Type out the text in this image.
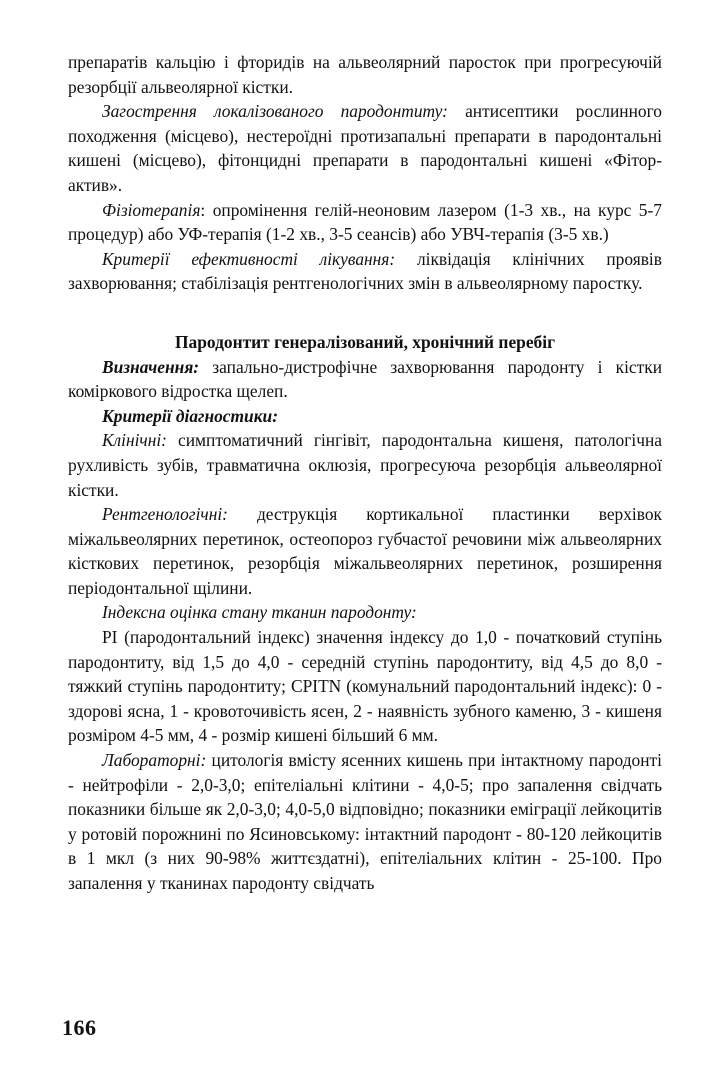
препаратів кальцію і фторидів на альвеолярний паросток при прогресуючій резорбції альвеолярної кістки.

Загострення локалізованого пародонтиту: антисептики рослинного походження (місцево), нестероїдні протизапальні препарати в пародонтальні кишені (місцево), фітонцидні препарати в пародонтальні кишені «Фітор-актив».

Фізіотерапія: опромінення гелій-неоновим лазером (1-3 хв., на курс 5-7 процедур) або УФ-терапія (1-2 хв., 3-5 сеансів) або УВЧ-терапія (3-5 хв.)

Критерії ефективності лікування: ліквідація клінічних проявів захворювання; стабілізація рентгенологічних змін в альвеолярному паростку.

Пародонтит генералізований, хронічний перебіг

Визначення: запально-дистрофічне захворювання пародонту і кістки коміркового відростка щелеп.

Критерії діагностики:

Клінічні: симптоматичний гінгівіт, пародонтальна кишеня, патологічна рухливість зубів, травматична оклюзія, прогресуюча резорбція альвеолярної кістки.

Рентгенологічні: деструкція кортикальної пластинки верхівок міжальвеолярних перетинок, остеопороз губчастої речовини між альвеолярних кісткових перетинок, резорбція міжальвеолярних перетинок, розширення періодонтальної щілини.

Індексна оцінка стану тканин пародонту:

PI (пародонтальний індекс) значення індексу до 1,0 - початковий ступінь пародонтиту, від 1,5 до 4,0 - середній ступінь пародонтиту, від 4,5 до 8,0 - тяжкий ступінь пародонтиту; CPITN (комунальний пародонтальний індекс): 0 - здорові ясна, 1 - кровоточивість ясен, 2 - наявність зубного каменю, 3 - кишеня розміром 4-5 мм, 4 - розмір кишені більший 6 мм.

Лабораторні: цитологія вмісту ясенних кишень при інтактному пародонті - нейтрофіли - 2,0-3,0; епітеліальні клітини - 4,0-5; про запалення свідчать показники більше як 2,0-3,0; 4,0-5,0 відповідно; показники еміграції лейкоцитів у ротовій порожнині по Ясиновському: інтактний пародонт - 80-120 лейкоцитів в 1 мкл (з них 90-98% життєздатні), епітеліальних клітин - 25-100. Про запалення у тканинах пародонту свідчать

166
